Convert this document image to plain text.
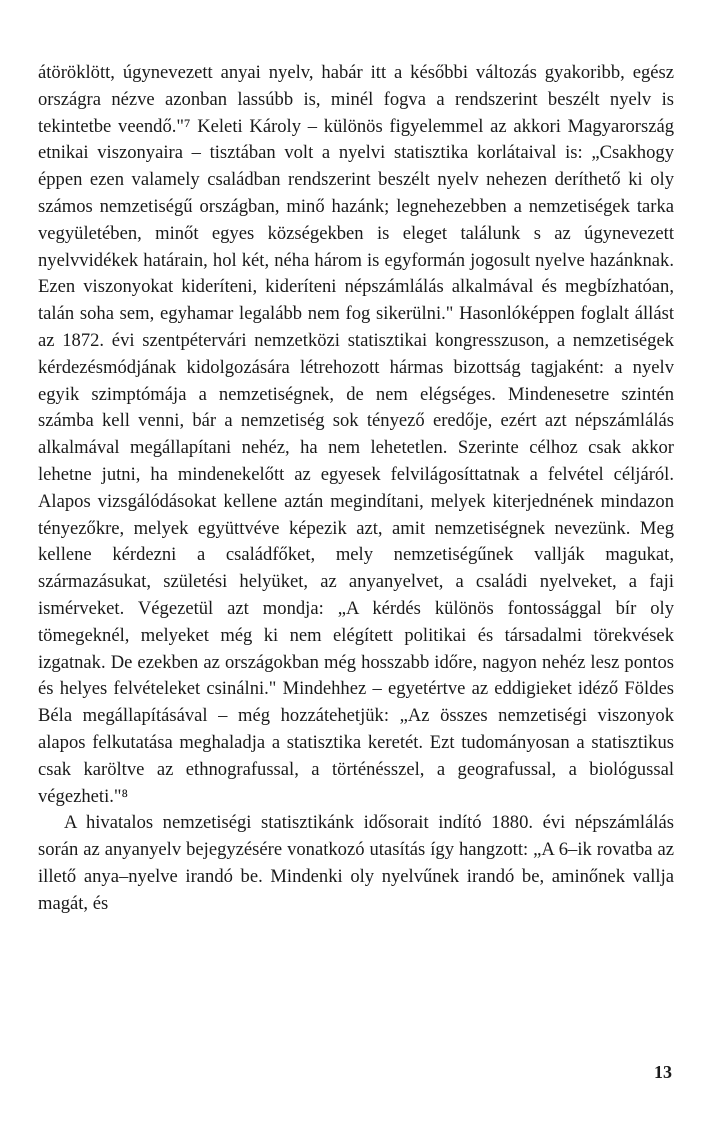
átöröklött, úgynevezett anyai nyelv, habár itt a későbbi változás gyakoribb, egész országra nézve azonban lassúbb is, minél fogva a rendszerint beszélt nyelv is tekintetbe veendő."⁷ Keleti Károly – különös figyelemmel az akkori Magyarország etnikai viszonyaira – tisztában volt a nyelvi statisztika korlátaival is: „Csakhogy éppen ezen valamely családban rendszerint beszélt nyelv nehezen deríthető ki oly számos nemzetiségű országban, minő hazánk; legnehezebben a nemzetiségek tarka vegyületében, minőt egyes községekben is eleget találunk s az úgynevezett nyelvvidékek határain, hol két, néha három is egyformán jogosult nyelve hazánknak. Ezen viszonyokat kideríteni, kideríteni népszámlálás alkalmával és megbízhatóan, talán soha sem, egyhamar legalább nem fog sikerülni." Hasonlóképpen foglalt állást az 1872. évi szentpétervári nemzetközi statisztikai kongresszuson, a nemzetiségek kérdezésmódjának kidolgozására létrehozott hármas bizottság tagjaként: a nyelv egyik szimptómája a nemzetiségnek, de nem elégséges. Mindenesetre szintén számba kell venni, bár a nemzetiség sok tényező eredője, ezért azt népszámlálás alkalmával megállapítani nehéz, ha nem lehetetlen. Szerinte célhoz csak akkor lehetne jutni, ha mindenekelőtt az egyesek felvilágosíttatnak a felvétel céljáról. Alapos vizsgálódásokat kellene aztán megindítani, melyek kiterjednének mindazon tényezőkre, melyek együttvéve képezik azt, amit nemzetiségnek nevezünk. Meg kellene kérdezni a családfőket, mely nemzetiségűnek vallják magukat, származásukat, születési helyüket, az anyanyelvet, a családi nyelveket, a faji ismérveket. Végezetül azt mondja: „A kérdés különös fontossággal bír oly tömegeknél, melyeket még ki nem elégített politikai és társadalmi törekvések izgatnak. De ezekben az országokban még hosszabb időre, nagyon nehéz lesz pontos és helyes felvételeket csinálni." Mindehhez – egyetértve az eddigieket idéző Földes Béla megállapításával – még hozzátehetjük: „Az összes nemzetiségi viszonyok alapos felkutatása meghaladja a statisztika keretét. Ezt tudományosan a statisztikus csak karöltve az ethnografussal, a történésszel, a geografussal, a biológussal végezheti."⁸

A hivatalos nemzetiségi statisztikánk idősorait indító 1880. évi népszámlálás során az anyanyelv bejegyzésére vonatkozó utasítás így hangzott: „A 6–ik rovatba az illető anya–nyelve irandó be. Mindenki oly nyelvűnek irandó be, aminőnek vallja magát, és

13
